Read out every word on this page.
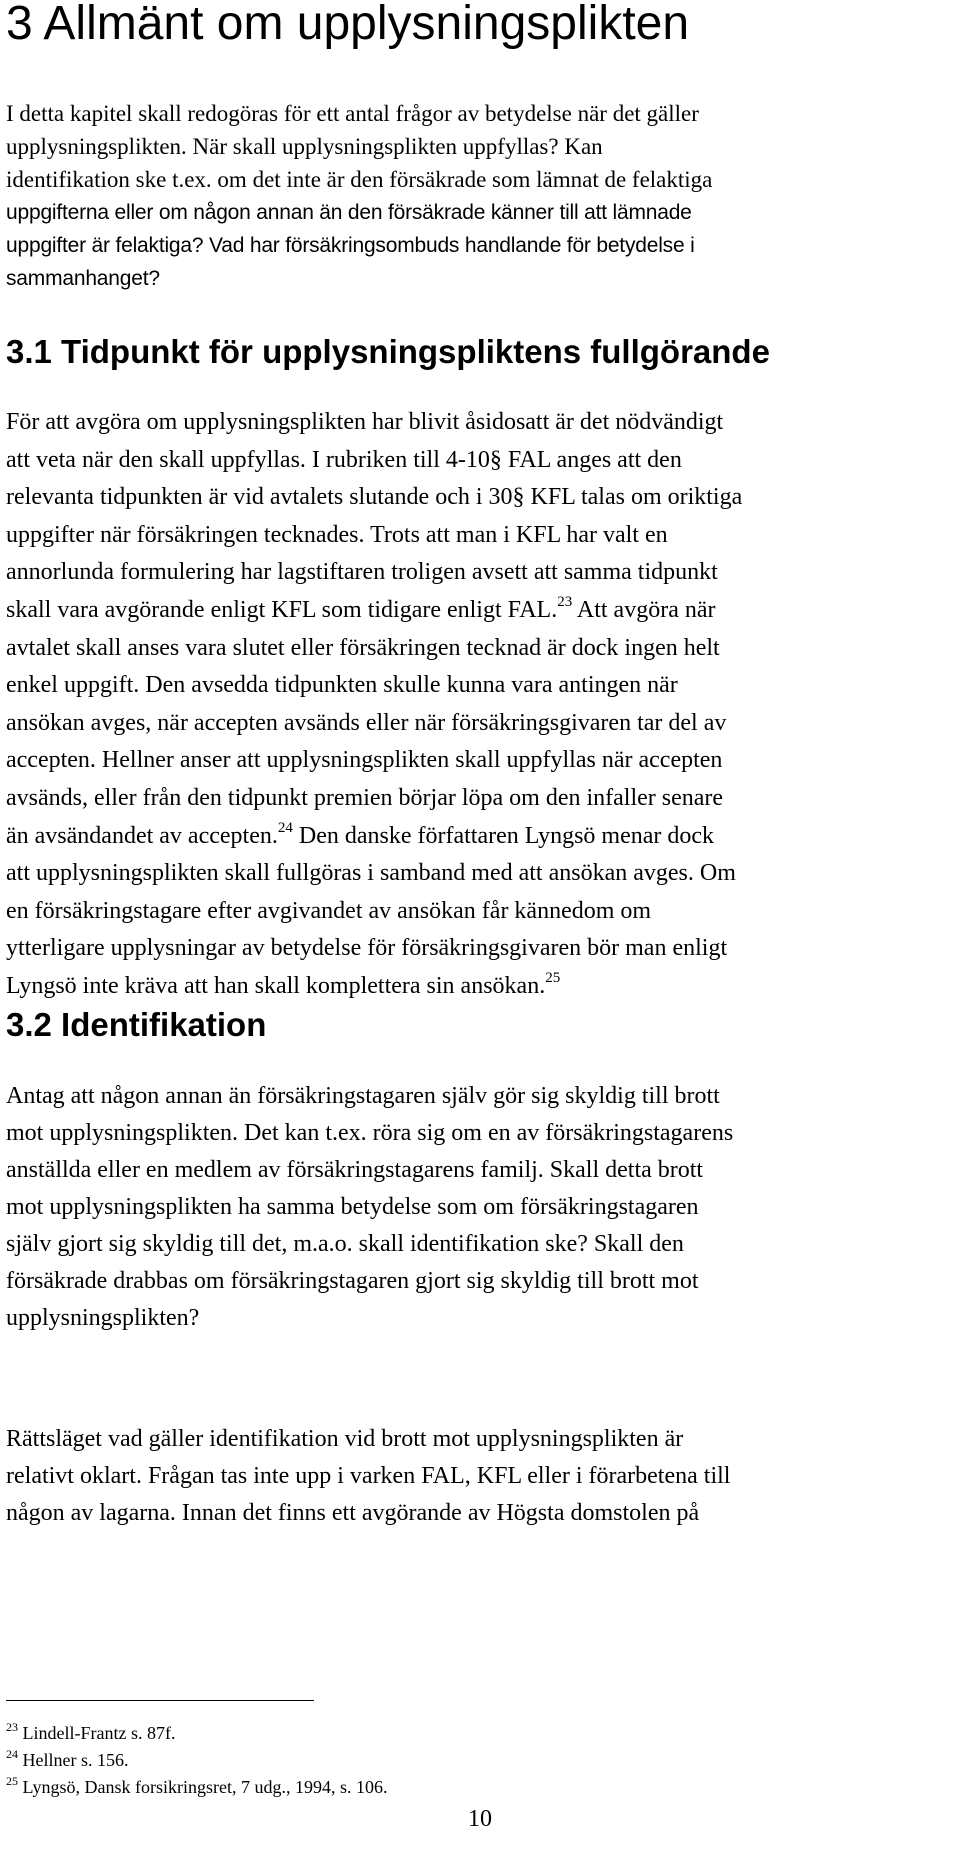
3 Allmänt om upplysningsplikten
I detta kapitel skall redogöras för ett antal frågor av betydelse när det gäller
upplysningsplikten. När skall upplysningsplikten uppfyllas? Kan
identifikation ske t.ex. om det inte är den försäkrade som lämnat de felaktiga
uppgifterna eller om någon annan än den försäkrade känner till att lämnade
uppgifter är felaktiga? Vad har försäkringsombuds handlande för betydelse i
sammanhanget?
3.1 Tidpunkt för upplysningspliktens fullgörande
För att avgöra om upplysningsplikten har blivit åsidosatt är det nödvändigt
att veta när den skall uppfyllas. I rubriken till 4-10§ FAL anges att den
relevanta tidpunkten är vid avtalets slutande och i 30§ KFL talas om oriktiga
uppgifter när försäkringen tecknades. Trots att man i KFL har valt en
annorlunda formulering har lagstiftaren troligen avsett att samma tidpunkt
skall vara avgörande enligt KFL som tidigare enligt FAL.$^{23}$ Att avgöra när
avtalet skall anses vara slutet eller försäkringen tecknad är dock ingen helt
enkel uppgift. Den avsedda tidpunkten skulle kunna vara antingen när
ansökan avges, när accepten avsänds eller när försäkringsgivaren tar del av
accepten. Hellner anser att upplysningsplikten skall uppfyllas när accepten
avsänds, eller från den tidpunkt premien börjar löpa om den infaller senare
än avsändandet av accepten.$^{24}$ Den danske författaren Lyngsö menar dock
att upplysningsplikten skall fullgöras i samband med att ansökan avges. Om
en försäkringstagare efter avgivandet av ansökan får kännedom om
ytterligare upplysningar av betydelse för försäkringsgivaren bör man enligt
Lyngsö inte kräva att han skall komplettera sin ansökan.$^{25}$
3.2 Identifikation
Antag att någon annan än försäkringstagaren själv gör sig skyldig till brott
mot upplysningsplikten. Det kan t.ex. röra sig om en av försäkringstagarens
anställda eller en medlem av försäkringstagarens familj. Skall detta brott
mot upplysningsplikten ha samma betydelse som om försäkringstagaren
själv gjort sig skyldig till det, m.a.o. skall identifikation ske? Skall den
försäkrade drabbas om försäkringstagaren gjort sig skyldig till brott mot
upplysningsplikten?
Rättsläget vad gäller identifikation vid brott mot upplysningsplikten är
relativt oklart. Frågan tas inte upp i varken FAL, KFL eller i förarbetena till
någon av lagarna. Innan det finns ett avgörande av Högsta domstolen på
$^{23}$ Lindell-Frantz s. 87f.
$^{24}$ Hellner s. 156.
$^{25}$ Lyngsö, Dansk forsikringsret, 7 udg., 1994, s. 106.

10
